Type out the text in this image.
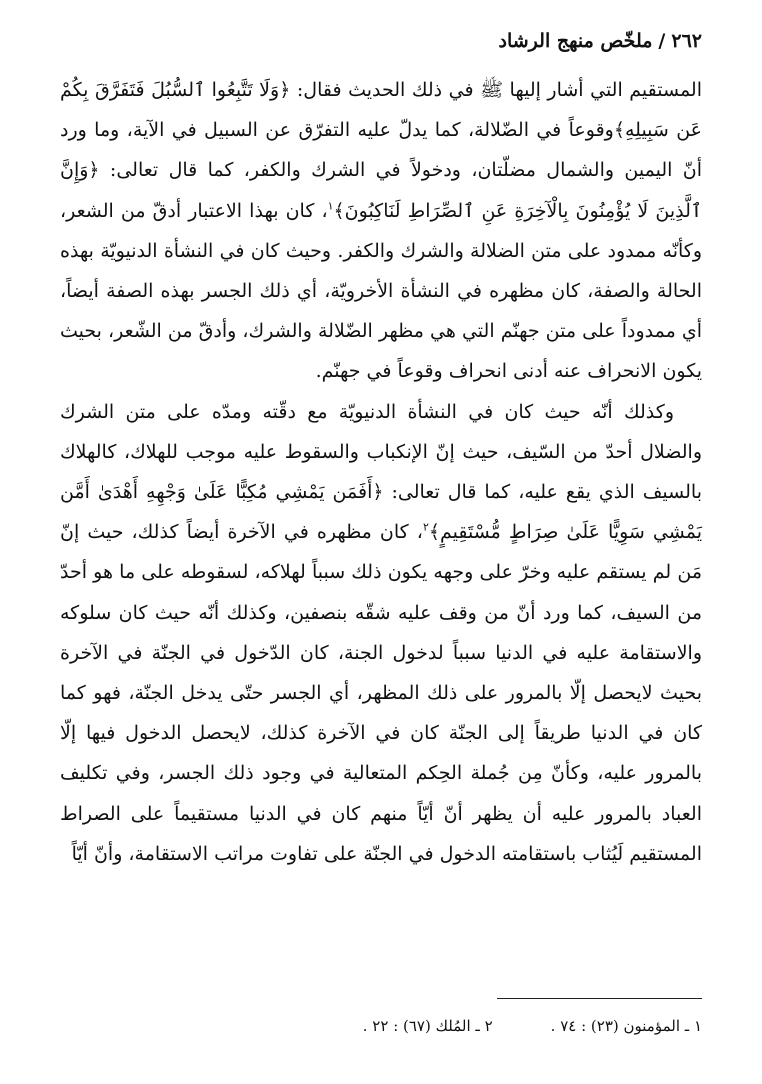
٢٦٢/ملخّص منهج الرشاد

المستقيم التي أشار إليها ﷺ في ذلك الحديث فقال: ﴿وَلَا تَتَّبِعُوا ٱلسُّبُلَ فَتَفَرَّقَ بِكُمْ عَن سَبِيلِهِ﴾وقوعاً في الضّلالة، كما يدلّ عليه التفرّق عن السبيل في الآية، وما ورد أنّ اليمين والشمال مضلّتان، ودخولاً في الشرك والكفر، كما قال تعالى: ﴿وَإِنَّ ٱلَّذِينَ لَا يُؤْمِنُونَ بِالْآخِرَةِ عَنِ ٱلصِّرَاطِ لَنَاكِبُونَ﴾$^١$، كان بهذا الاعتبار أدقّ من الشعر، وكأنّه ممدود على متن الضلالة والشرك والكفر. وحيث كان في النشأة الدنيويّة بهذه الحالة والصفة، كان مظهره في النشأة الأخرويّة، أي ذلك الجسر بهذه الصفة أيضاً، أي ممدوداً على متن جهنّم التي هي مظهر الضّلالة والشرك، وأدقّ من الشّعر، بحيث يكون الانحراف عنه أدنى انحراف وقوعاً في جهنّم.

وكذلك أنّه حيث كان في النشأة الدنيويّة مع دقّته ومدّه على متن الشرك والضلال أحدّ من السّيف، حيث إنّ الإنكباب والسقوط عليه موجب للهلاك، كالهلاك بالسيف الذي يقع عليه، كما قال تعالى: ﴿أَفَمَن يَمْشِي مُكِبًّا عَلَىٰ وَجْهِهِ أَهْدَىٰ أَمَّن يَمْشِي سَوِيًّا عَلَىٰ صِرَاطٍ مُّسْتَقِيمٍ﴾$^٢$، كان مظهره في الآخرة أيضاً كذلك، حيث إنّ مَن لم يستقم عليه وخرّ على وجهه يكون ذلك سبباً لهلاكه، لسقوطه على ما هو أحدّ من السيف، كما ورد أنّ من وقف عليه شقّه بنصفين، وكذلك أنّه حيث كان سلوكه والاستقامة عليه في الدنيا سبباً لدخول الجنة، كان الدّخول في الجنّة في الآخرة بحيث لايحصل إلّا بالمرور على ذلك المظهر، أي الجسر حتّى يدخل الجنّة، فهو كما كان في الدنيا طريقاً إلى الجنّة كان في الآخرة كذلك، لايحصل الدخول فيها إلّا بالمرور عليه، وكأنّ مِن جُملة الحِكم المتعالية في وجود ذلك الجسر، وفي تكليف العباد بالمرور عليه أن يظهر أنّ أيّاً منهم كان في الدنيا مستقيماً على الصراط المستقيم لَيُثاب باستقامته الدخول في الجنّة على تفاوت مراتب الاستقامة، وأنّ أيّاً

١ ـ المؤمنون (٢٣) : ٧٤ .٢ ـ المُلك (٦٧) : ٢٢ .
